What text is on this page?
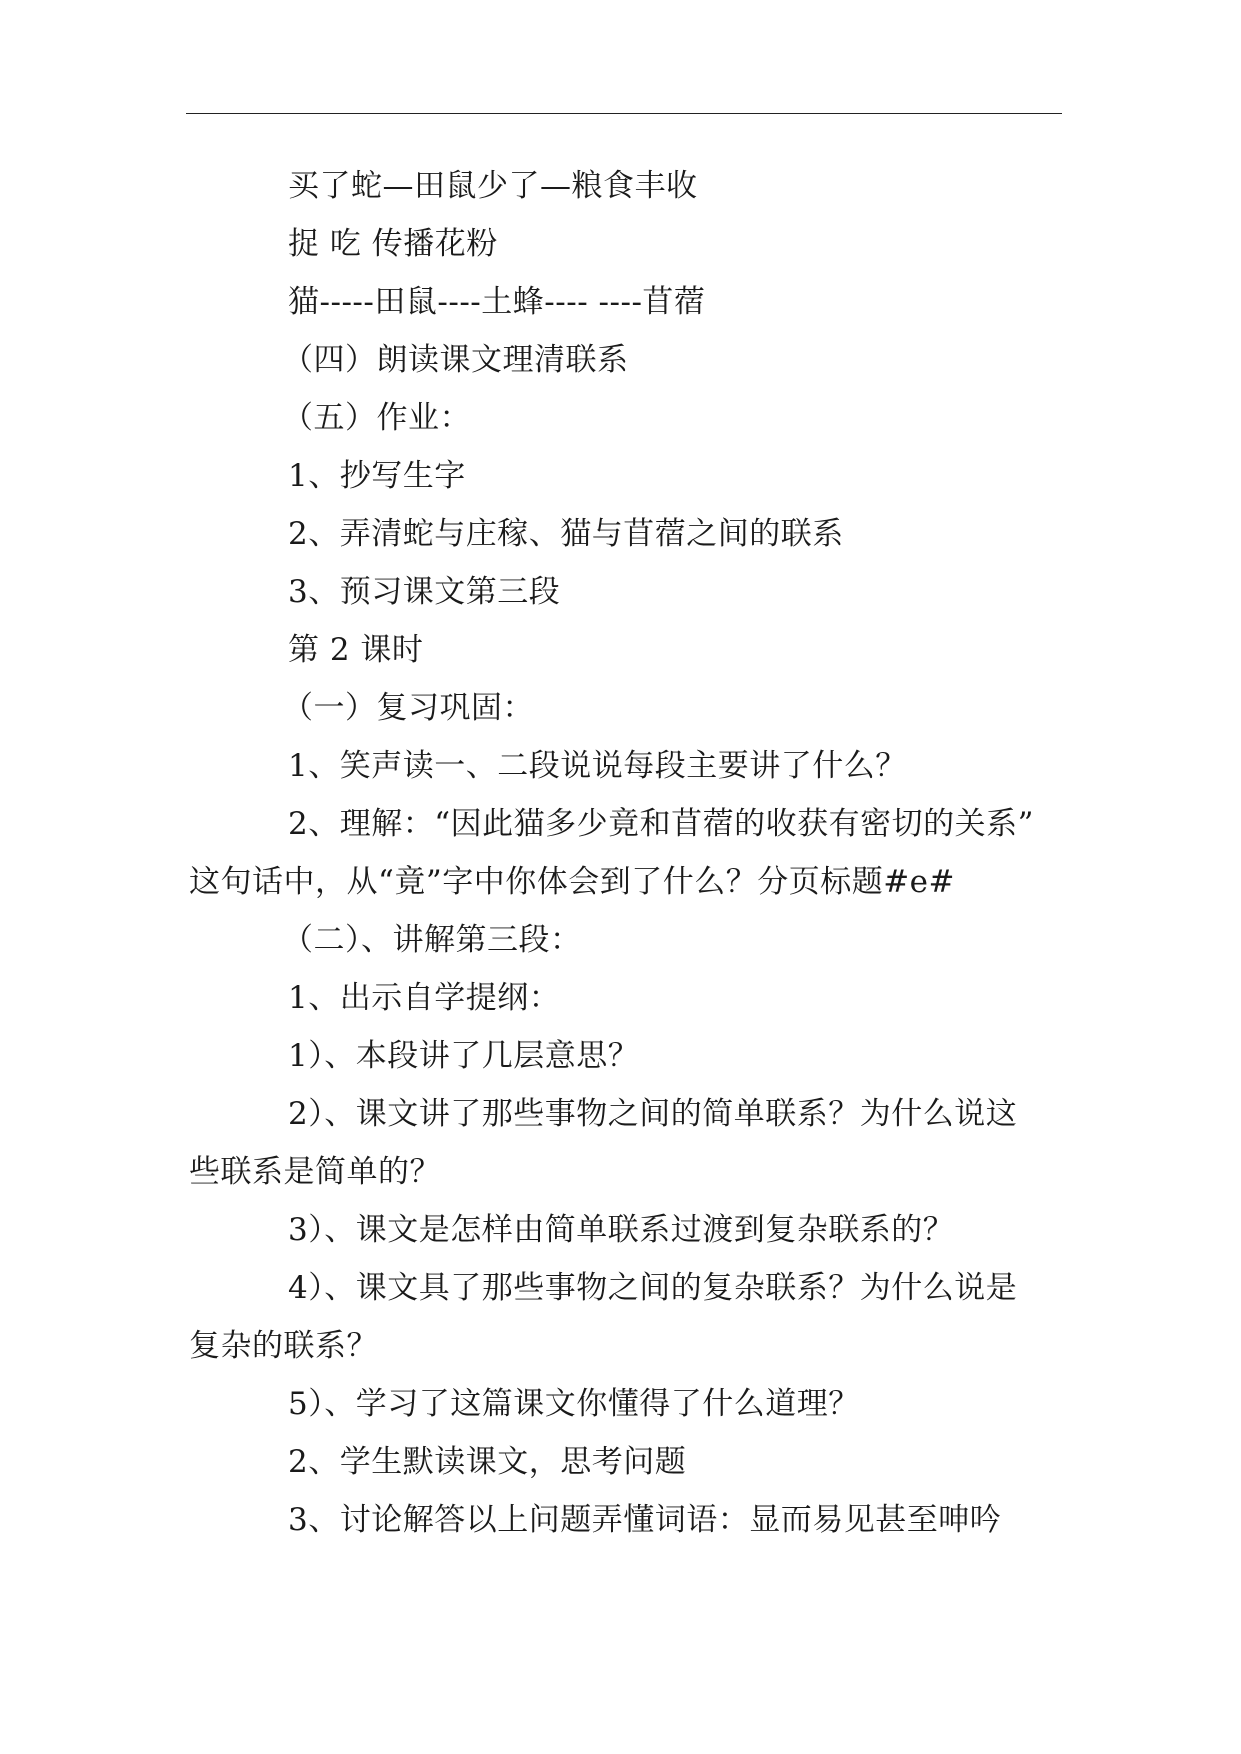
买了蛇—田鼠少了—粮食丰收
捉 吃 传播花粉
猫-----田鼠----土蜂---- ----苜蓿
（四）朗读课文理清联系
（五）作业：
1、抄写生字
2、弄清蛇与庄稼、猫与苜蓿之间的联系
3、预习课文第三段
第 2 课时
（一）复习巩固：
1、笑声读一、二段说说每段主要讲了什么？
2、理解：“因此猫多少竟和苜蓿的收获有密切的关系”
这句话中，从“竟”字中你体会到了什么？分页标题#e#
（二）、讲解第三段：
1、出示自学提纲：
1）、本段讲了几层意思？
2）、课文讲了那些事物之间的简单联系？为什么说这
些联系是简单的？
3）、课文是怎样由简单联系过渡到复杂联系的？
4）、课文具了那些事物之间的复杂联系？为什么说是
复杂的联系？
5）、学习了这篇课文你懂得了什么道理？
2、学生默读课文，思考问题
3、讨论解答以上问题弄懂词语：显而易见甚至呻吟
